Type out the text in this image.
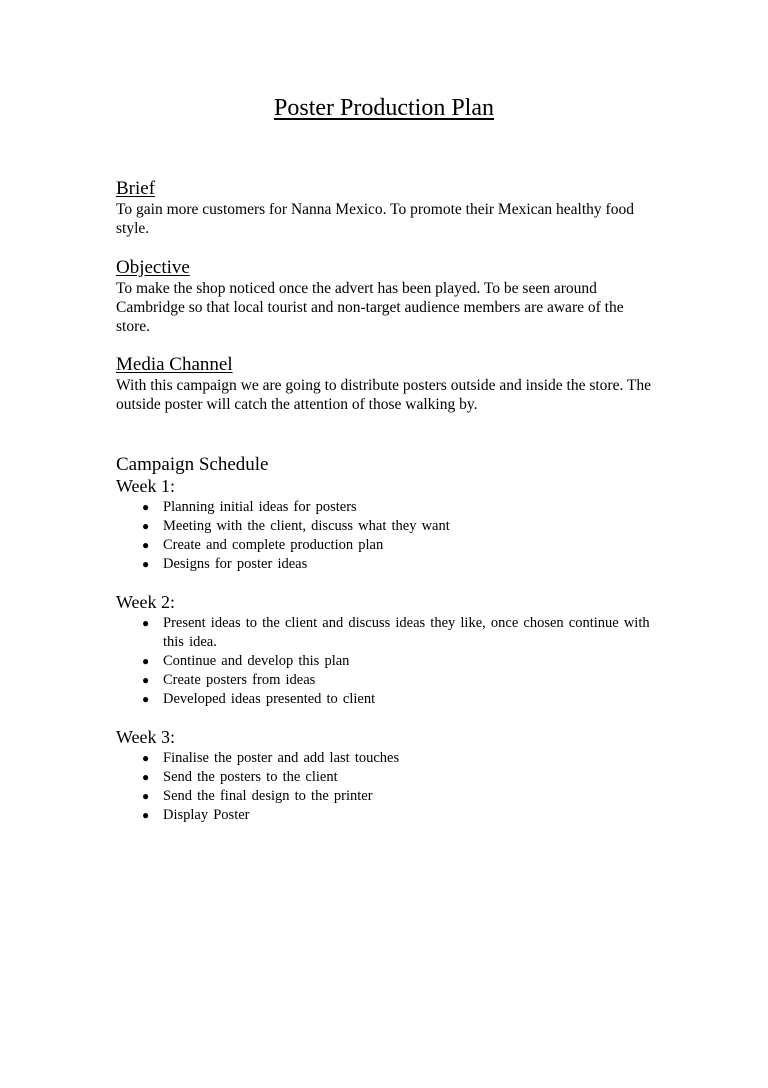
Poster Production Plan
Brief
To gain more customers for Nanna Mexico. To promote their Mexican healthy food style.
Objective
To make the shop noticed once the advert has been played. To be seen around Cambridge so that local tourist and non-target audience members are aware of the store.
Media Channel
With this campaign we are going to distribute posters outside and inside the store. The outside poster will catch the attention of those walking by.
Campaign Schedule
Week 1:
● Planning initial ideas for posters
● Meeting with the client, discuss what they want
● Create and complete production plan
● Designs for poster ideas
Week 2:
● Present ideas to the client and discuss ideas they like, once chosen continue with this idea.
● Continue and develop this plan
● Create posters from ideas
● Developed ideas presented to client
Week 3:
● Finalise the poster and add last touches
● Send the posters to the client
● Send the final design to the printer
● Display Poster
